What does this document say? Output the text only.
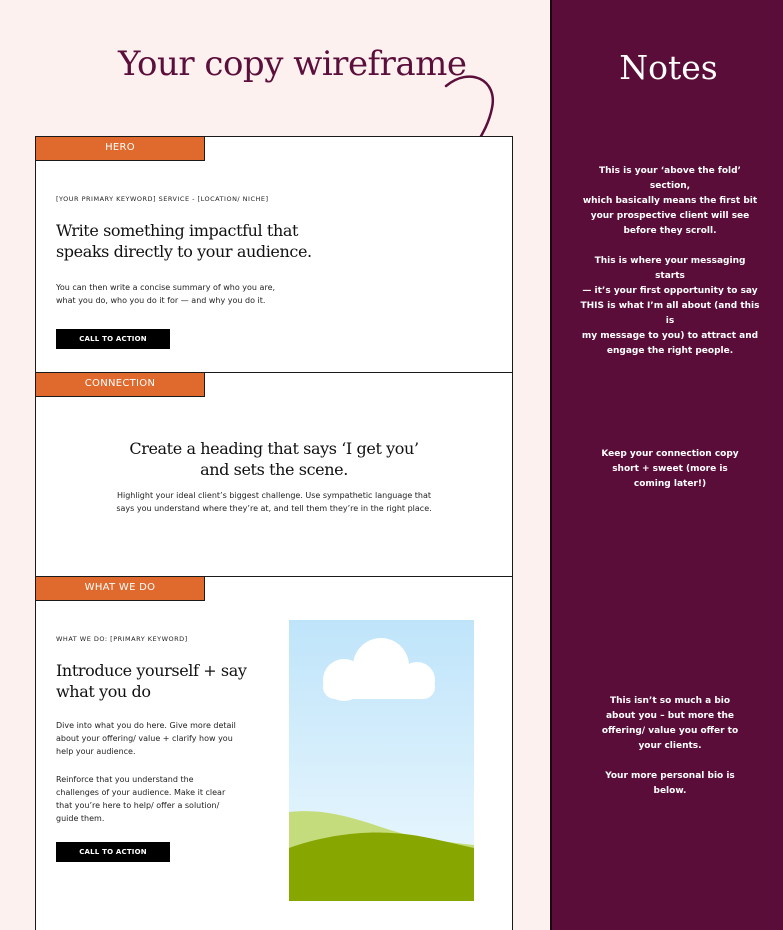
Your copy wireframe	Notes

This is your ‘above the fold’ section,
which basically means the first bit
your prospective client will see
before they scroll.

This is where your messaging starts
— it’s your first opportunity to say
THIS is what I’m all about (and this is
my message to you) to attract and
engage the right people.

Keep your connection copy
short + sweet (more is
coming later!)

This isn’t so much a bio
about you – but more the
offering/ value you offer to
your clients.

Your more personal bio is
below.

HERO
[YOUR PRIMARY KEYWORD] SERVICE - [LOCATION/ NICHE]
Write something impactful that
speaks directly to your audience.
You can then write a concise summary of who you are,
what you do, who you do it for — and why you do it.
CALL TO ACTION
CONNECTION
Create a heading that says ‘I get you’
and sets the scene.
Highlight your ideal client’s biggest challenge. Use sympathetic language that
says you understand where they’re at, and tell them they’re in the right place.
WHAT WE DO
WHAT WE DO: [PRIMARY KEYWORD]
Introduce yourself + say
what you do
Dive into what you do here. Give more detail
about your offering/ value + clarify how you
help your audience.
Reinforce that you understand the
challenges of your audience. Make it clear
that you’re here to help/ offer a solution/
guide them.
CALL TO ACTION
